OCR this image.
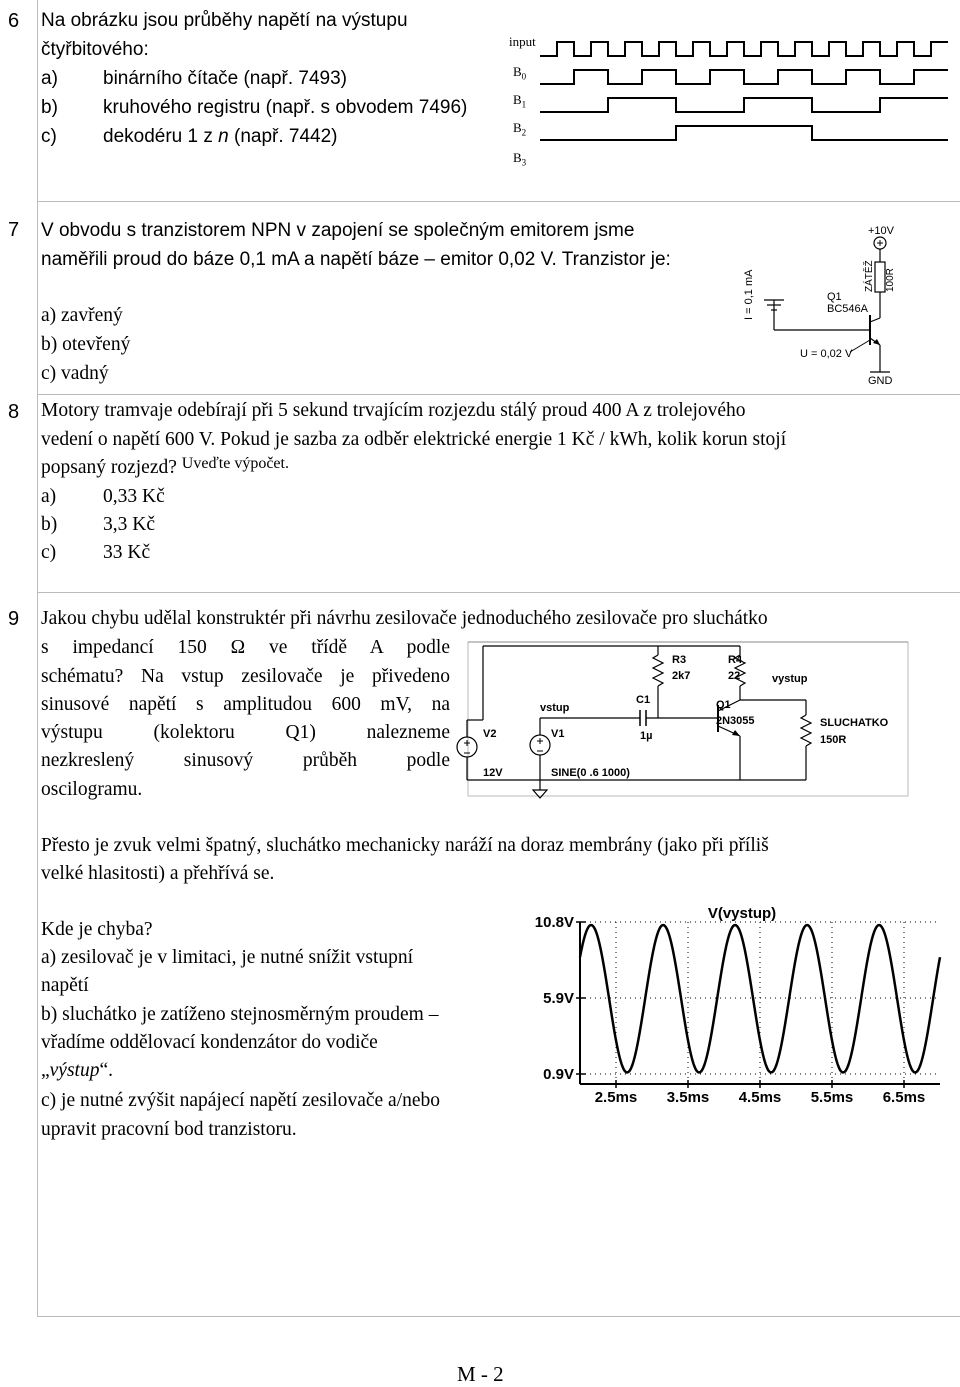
6 Na obrázku jsou průběhy napětí na výstupu
čtyřbitového:
a) binárního čítače (např. 7493)
b) kruhového registru (např. s obvodem 7496)
c) dekodéru 1 z n (např. 7442)
input
$B_0$
$B_1$
$B_2$
$B_3$
7 V obvodu s tranzistorem NPN v zapojení se společným emitorem jsme
naměřili proud do báze 0,1 mA a napětí báze – emitor 0,02 V. Tranzistor je:
a) zavřený
b) otevřený
c) vadný
+10V
ZÁTĚŽ 100R
I = 0,1 mA	Q1
BC546A
U = 0,02 V
GND
8 Motory tramvaje odebírají při 5 sekund trvajícím rozjezdu stálý proud 400 A z trolejového
vedení o napětí 600 V. Pokud je sazba za odběr elektrické energie 1 Kč / kWh, kolik korun stojí
popsaný rozjezd? $^{Uveďte výpočet.}$
a) 0,33 Kč
b) 3,3 Kč
c) 33 Kč
9 Jakou chybu udělal konstruktér při návrhu zesilovače jednoduchého zesilovače pro sluchátko
s impedancí 150 Ω ve třídě A podle
schématu? Na vstup zesilovače je přivedeno
sinusové napětí s amplitudou 600 mV, na
výstupu (kolektoru Q1) nalezneme
nezkreslený sinusový průběh podle
oscilogramu.
R3
2k7
R4
22	vystup
SLUCHATKO
150R
Q1
2N3055
C1
1µ
vstup
V1
SINE(0 .6 1000)
V2
12V
Přesto je zvuk velmi špatný, sluchátko mechanicky naráží na doraz membrány (jako při příliš
velké hlasitosti) a přehřívá se.
Kde je chyba?
a) zesilovač je v limitaci, je nutné snížit vstupní
napětí
b) sluchátko je zatíženo stejnosměrným proudem –
vřadíme oddělovací kondenzátor do vodiče
„výstup“.
c) je nutné zvýšit napájecí napětí zesilovače a/nebo
upravit pracovní bod tranzistoru.
V(vystup)
10.8V
5.9V
0.9V
2.5ms 3.5ms 4.5ms 5.5ms 6.5ms
M - 2
